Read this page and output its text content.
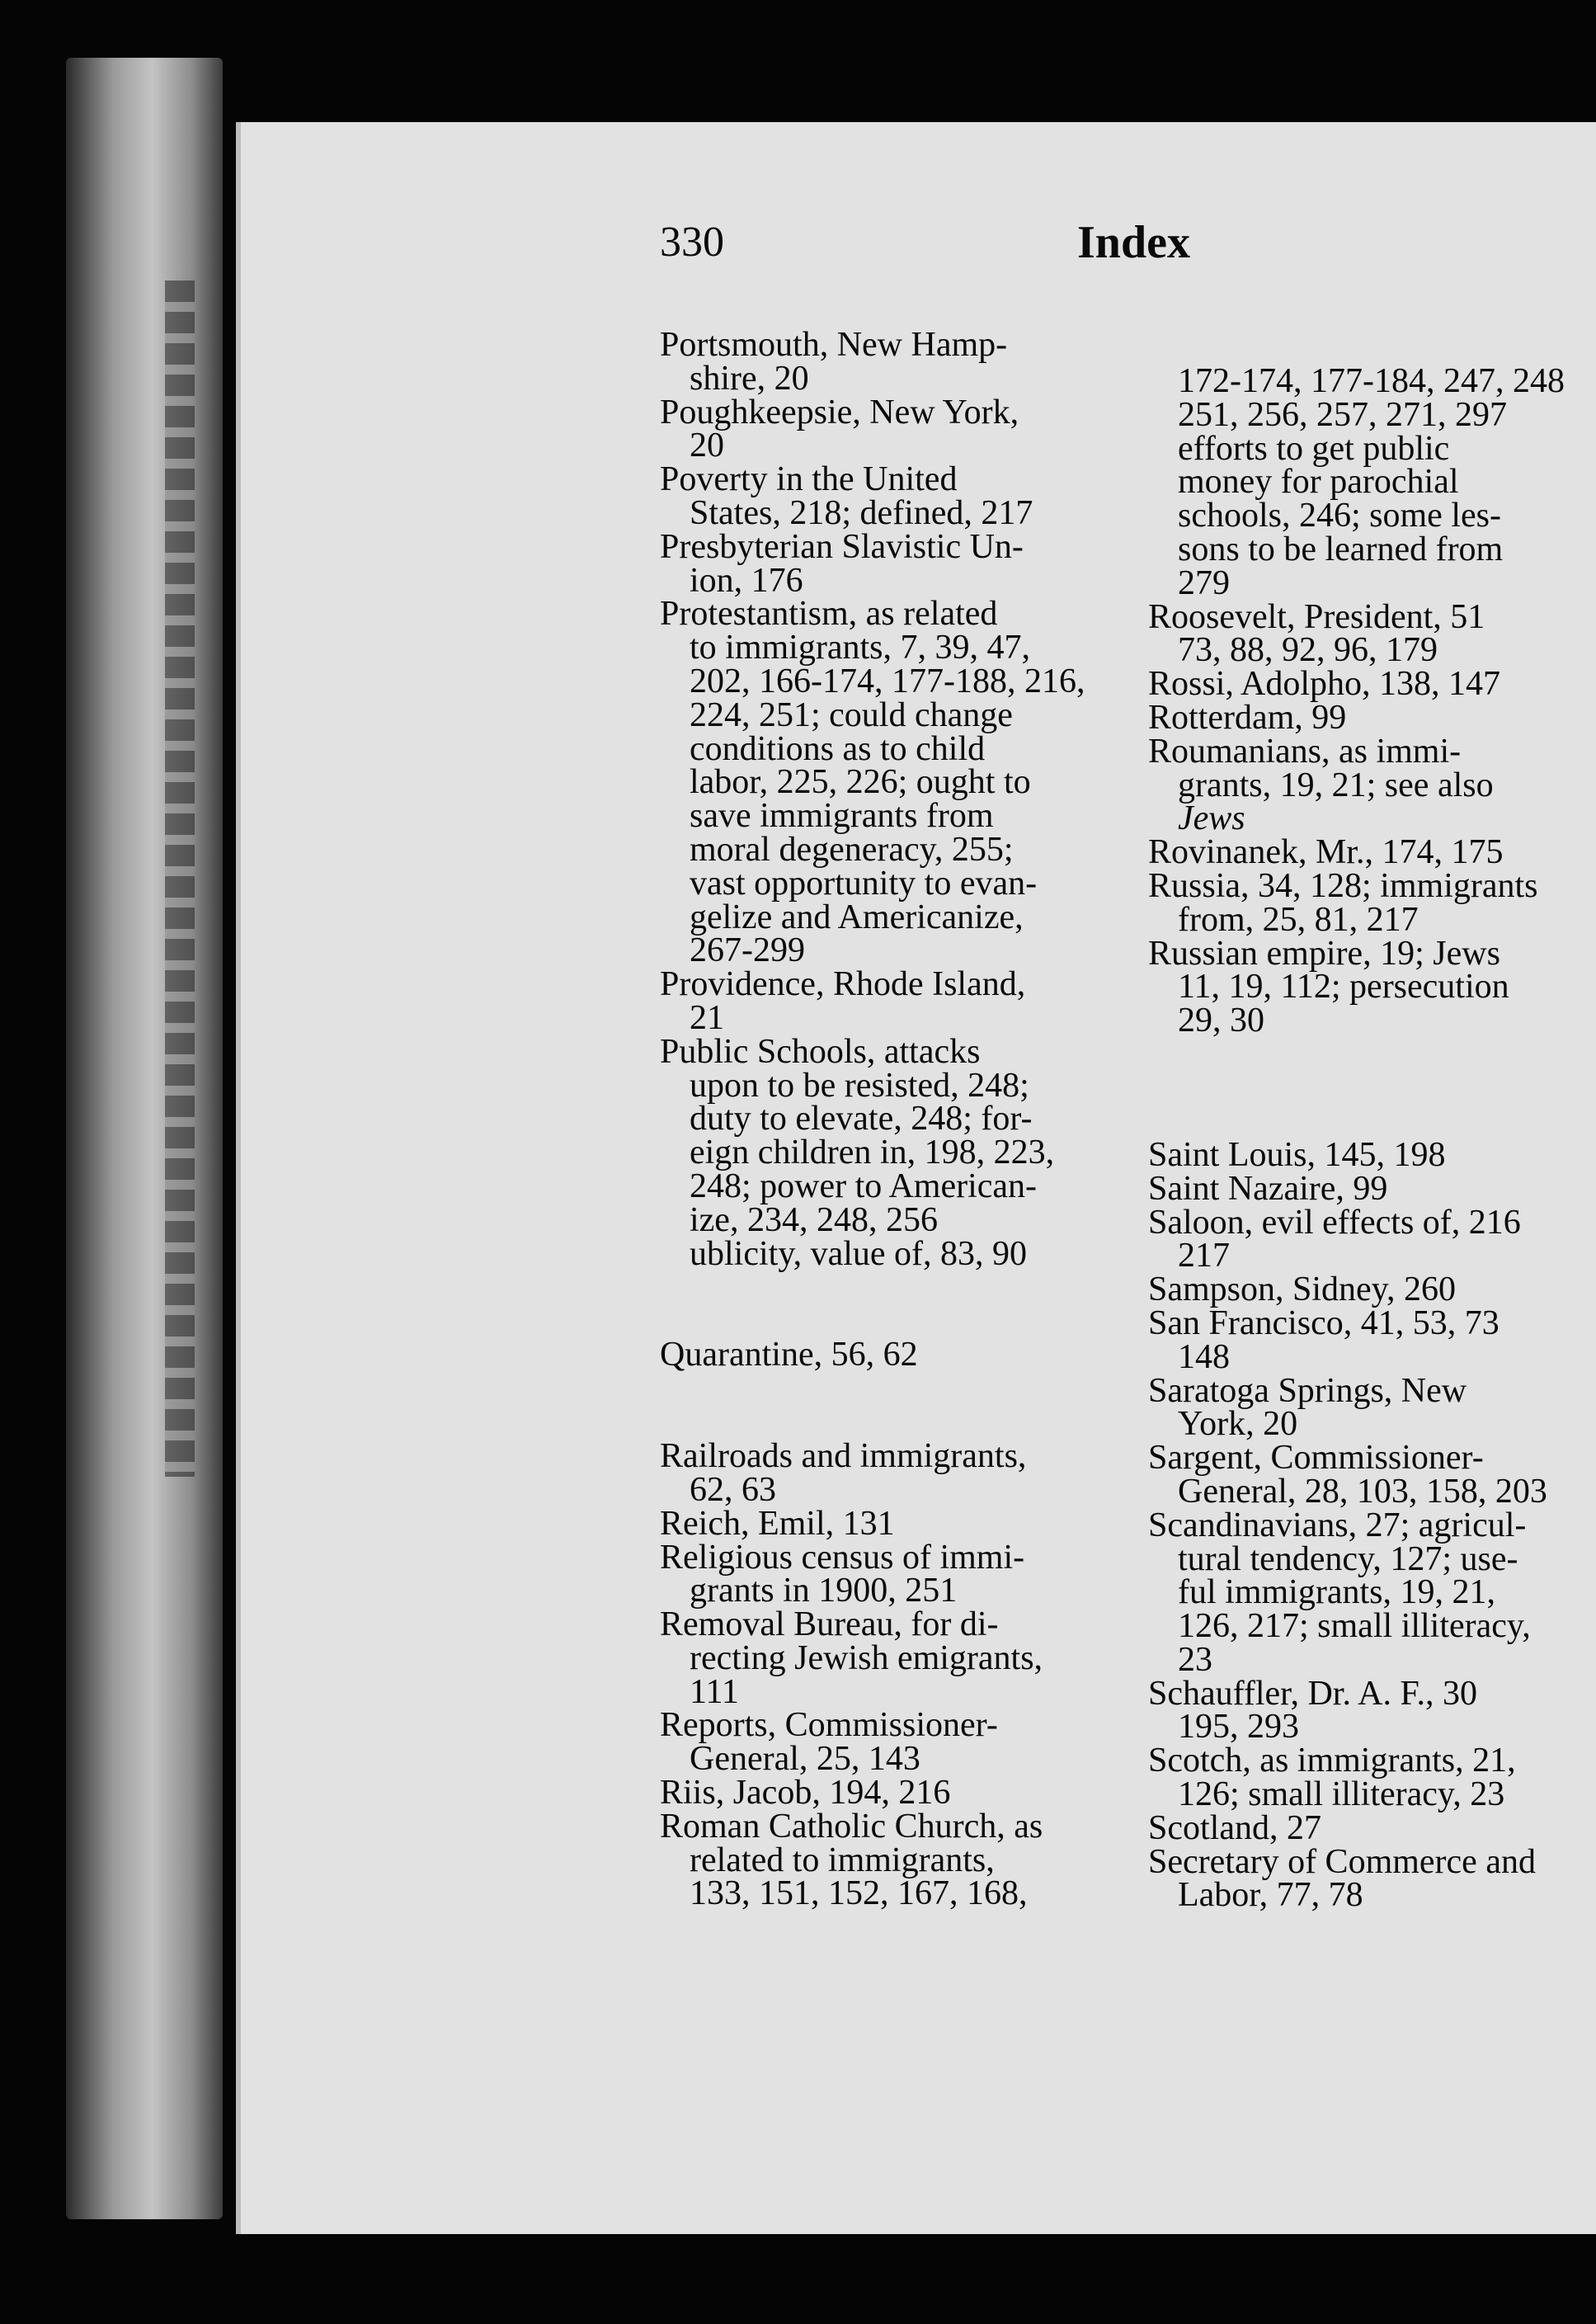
330	Index
Portsmouth, New Hamp-
shire, 20
Poughkeepsie, New York,
20
Poverty in the United
States, 218; defined, 217
Presbyterian Slavistic Un-
ion, 176
Protestantism, as related
to immigrants, 7, 39, 47,
202, 166-174, 177-188, 216,
224, 251; could change
conditions as to child
labor, 225, 226; ought to
save immigrants from
moral degeneracy, 255;
vast opportunity to evan-
gelize and Americanize,
267-299
Providence, Rhode Island,
21
Public Schools, attacks
upon to be resisted, 248;
duty to elevate, 248; for-
eign children in, 198, 223,
248; power to American-
ize, 234, 248, 256
ublicity, value of, 83, 90
Quarantine, 56, 62
Railroads and immigrants,
62, 63
Reich, Emil, 131
Religious census of immi-
grants in 1900, 251
Removal Bureau, for di-
recting Jewish emigrants,
111
Reports, Commissioner-
General, 25, 143
Riis, Jacob, 194, 216
Roman Catholic Church, as
related to immigrants,
133, 151, 152, 167, 168,
172-174, 177-184, 247, 248
251, 256, 257, 271, 297
efforts to get public
money for parochial
schools, 246; some les-
sons to be learned from
279
Roosevelt, President, 51
73, 88, 92, 96, 179
Rossi, Adolpho, 138, 147
Rotterdam, 99
Roumanians, as immi-
grants, 19, 21; see also
Jews
Rovinanek, Mr., 174, 175
Russia, 34, 128; immigrants
from, 25, 81, 217
Russian empire, 19; Jews
11, 19, 112; persecution
29, 30
Saint Louis, 145, 198
Saint Nazaire, 99
Saloon, evil effects of, 216
217
Sampson, Sidney, 260
San Francisco, 41, 53, 73
148
Saratoga Springs, New
York, 20
Sargent, Commissioner-
General, 28, 103, 158, 203
Scandinavians, 27; agricul-
tural tendency, 127; use-
ful immigrants, 19, 21,
126, 217; small illiteracy,
23
Schauffler, Dr. A. F., 30
195, 293
Scotch, as immigrants, 21,
126; small illiteracy, 23
Scotland, 27
Secretary of Commerce and
Labor, 77, 78
